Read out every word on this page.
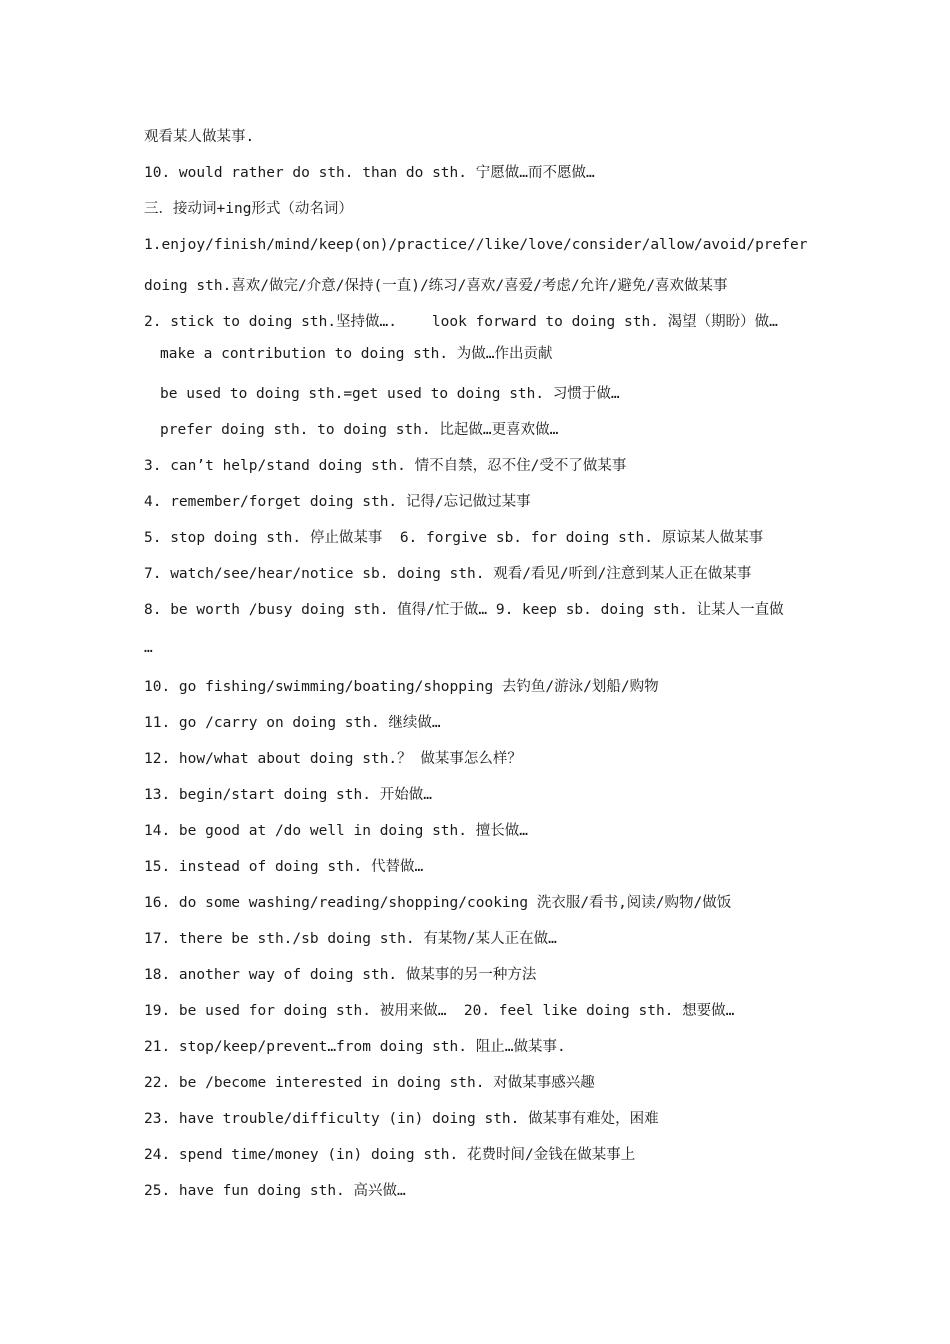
观看某人做某事.
10. would rather do sth. than do sth. 宁愿做…而不愿做…
三．接动词+ing形式（动名词）
1.enjoy/finish/mind/keep(on)/practice//like/love/consider/allow/avoid/prefer
doing sth.喜欢/做完/介意/保持(一直)/练习/喜欢/喜爱/考虑/允许/避免/喜欢做某事
2. stick to doing sth.坚持做….    look forward to doing sth. 渴望（期盼）做…
make a contribution to doing sth. 为做…作出贡献
be used to doing sth.=get used to doing sth. 习惯于做…
prefer doing sth. to doing sth. 比起做…更喜欢做…
3. can’t help/stand doing sth. 情不自禁，忍不住/受不了做某事
4. remember/forget doing sth. 记得/忘记做过某事
5. stop doing sth. 停止做某事  6. forgive sb. for doing sth. 原谅某人做某事
7. watch/see/hear/notice sb. doing sth. 观看/看见/听到/注意到某人正在做某事
8. be worth /busy doing sth. 值得/忙于做… 9. keep sb. doing sth. 让某人一直做
…
10. go fishing/swimming/boating/shopping 去钓鱼/游泳/划船/购物
11. go /carry on doing sth. 继续做…
12. how/what about doing sth.？ 做某事怎么样？
13. begin/start doing sth. 开始做…
14. be good at /do well in doing sth. 擅长做…
15. instead of doing sth. 代替做…
16. do some washing/reading/shopping/cooking 洗衣服/看书,阅读/购物/做饭
17. there be sth./sb doing sth. 有某物/某人正在做…
18. another way of doing sth. 做某事的另一种方法
19. be used for doing sth. 被用来做…  20. feel like doing sth. 想要做…
21. stop/keep/prevent…from doing sth. 阻止…做某事.
22. be /become interested in doing sth. 对做某事感兴趣
23. have trouble/difficulty (in) doing sth. 做某事有难处，困难
24. spend time/money (in) doing sth. 花费时间/金钱在做某事上
25. have fun doing sth. 高兴做…
